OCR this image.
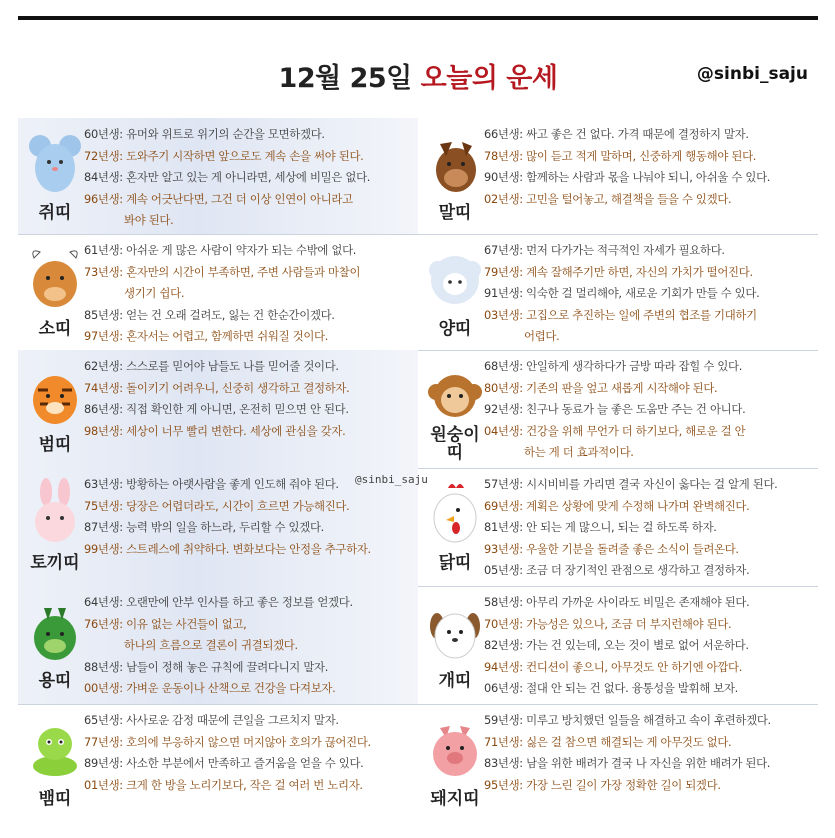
12월 25일 오늘의 운세	@sinbi_saju
쥐띠
60년생: 유머와 위트로 위기의 순간을 모면하겠다.
72년생: 도와주기 시작하면 앞으로도 계속 손을 써야 된다.
84년생: 혼자만 알고 있는 게 아니라면, 세상에 비밀은 없다.
96년생: 계속 어긋난다면, 그건 더 이상 인연이 아니라고
봐야 된다.	말띠
66년생: 싸고 좋은 건 없다. 가격 때문에 결정하지 말자.
78년생: 많이 듣고 적게 말하며, 신중하게 행동해야 된다.
90년생: 함께하는 사람과 몫을 나눠야 되니, 아쉬울 수 있다.
02년생: 고민을 털어놓고, 해결책을 들을 수 있겠다.
소띠
61년생: 아쉬운 게 많은 사람이 약자가 되는 수밖에 없다.
73년생: 혼자만의 시간이 부족하면, 주변 사람들과 마찰이
생기기 쉽다.
85년생: 얻는 건 오래 걸려도, 잃는 건 한순간이겠다.
97년생: 혼자서는 어렵고, 함께하면 쉬워질 것이다.	양띠
67년생: 먼저 다가가는 적극적인 자세가 필요하다.
79년생: 계속 잘해주기만 하면, 자신의 가치가 떨어진다.
91년생: 익숙한 걸 멀리해야, 새로운 기회가 만들 수 있다.
03년생: 고집으로 추진하는 일에 주변의 협조를 기대하기
어렵다.
범띠
62년생: 스스로를 믿어야 남들도 나를 믿어줄 것이다.
74년생: 돌이키기 어려우니, 신중히 생각하고 결정하자.
86년생: 직접 확인한 게 아니면, 온전히 믿으면 안 된다.
98년생: 세상이 너무 빨리 변한다. 세상에 관심을 갖자.	원숭이
띠
68년생: 안일하게 생각하다가 금방 따라 잡힐 수 있다.
80년생: 기존의 판을 엎고 새롭게 시작해야 된다.
92년생: 친구나 동료가 늘 좋은 도움만 주는 건 아니다.
04년생: 건강을 위해 무언가 더 하기보다, 해로운 걸 안
하는 게 더 효과적이다.
토끼띠
63년생: 방황하는 아랫사람을 좋게 인도해 줘야 된다.
75년생: 당장은 어렵더라도, 시간이 흐르면 가능해진다.
87년생: 능력 밖의 일을 하느라, 두리할 수 있겠다.
99년생: 스트레스에 취약하다. 변화보다는 안정을 추구하자.
닭띠
57년생: 시시비비를 가리면 결국 자신이 옳다는 걸 알게 된다.
69년생: 계획은 상황에 맞게 수정해 나가며 완벽해진다.
81년생: 안 되는 게 많으니, 되는 걸 하도록 하자.
93년생: 우울한 기분을 돌려줄 좋은 소식이 들려온다.
05년생: 조금 더 장기적인 관점으로 생각하고 결정하자.
용띠
64년생: 오랜만에 안부 인사를 하고 좋은 정보를 얻겠다.
76년생: 이유 없는 사건들이 없고,
하나의 흐름으로 결론이 귀결되겠다.
88년생: 남들이 정해 놓은 규칙에 끌려다니지 말자.
00년생: 가벼운 운동이나 산책으로 건강을 다져보자.	개띠
58년생: 아무리 가까운 사이라도 비밀은 존재해야 된다.
70년생: 가능성은 있으나, 조금 더 부지런해야 된다.
82년생: 가는 건 있는데, 오는 것이 별로 없어 서운하다.
94년생: 컨디션이 좋으니, 아무것도 안 하기엔 아깝다.
06년생: 절대 안 되는 건 없다. 융통성을 발휘해 보자.
뱀띠
65년생: 사사로운 감정 때문에 큰일을 그르치지 말자.
77년생: 호의에 부응하지 않으면 머지않아 호의가 끊어진다.
89년생: 사소한 부분에서 만족하고 즐거움을 얻을 수 있다.
01년생: 크게 한 방을 노리기보다, 작은 걸 여러 번 노리자.
돼지띠
59년생: 미루고 방치했던 일들을 해결하고 속이 후련하겠다.
71년생: 싫은 걸 참으면 해결되는 게 아무것도 없다.
83년생: 남을 위한 배려가 결국 나 자신을 위한 배려가 된다.
95년생: 가장 느린 길이 가장 정확한 길이 되겠다.
@sinbi_saju
